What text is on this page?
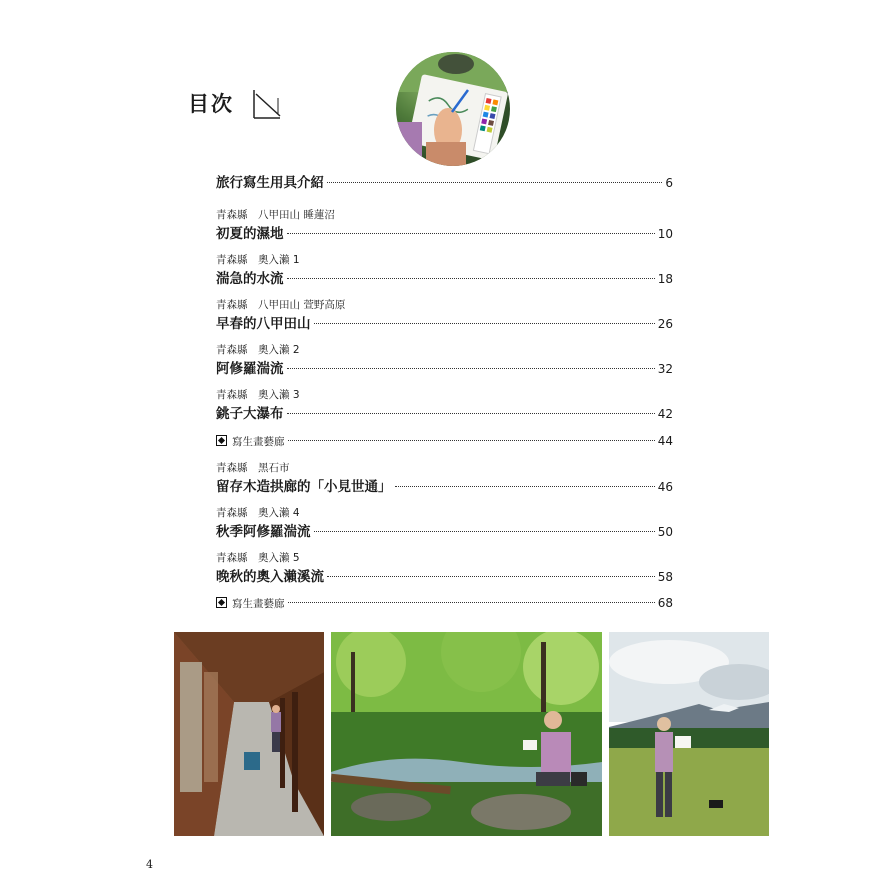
目次
旅行寫生用具介紹	6
青森縣　八甲田山 睡蓮沼
初夏的濕地	10
青森縣　奧入瀨 1
湍急的水流	18
青森縣　八甲田山 萱野高原
早春的八甲田山	26
青森縣　奧入瀨 2
阿修羅湍流	32
青森縣　奧入瀨 3
銚子大瀑布	42
寫生畫藝廊	44
青森縣　黑石市
留存木造拱廊的「小見世通」	46
青森縣　奧入瀨 4
秋季阿修羅湍流	50
青森縣　奧入瀨 5
晚秋的奧入瀨溪流	58
寫生畫藝廊	68
4
